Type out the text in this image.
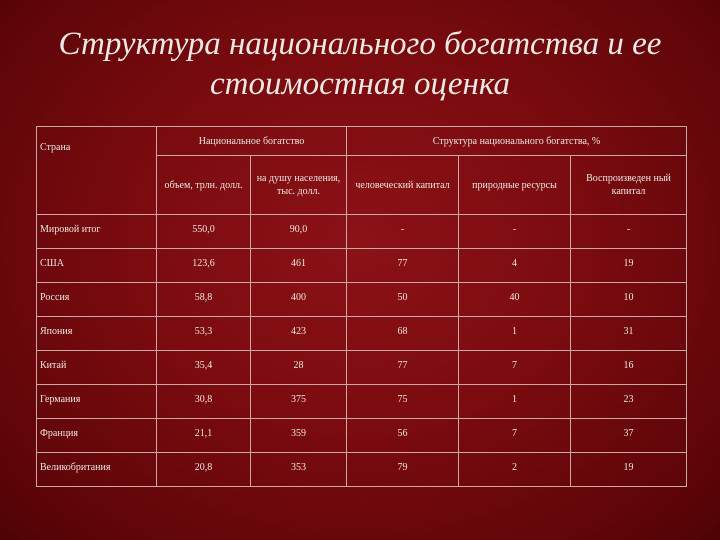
Структура национального богатства и ее
стоимостная оценка
Страна	Национальное богатство		Структура национального богатства, %		
	объем, трлн. долл.	на душу населения, тыс. долл.	человеческий капитал	природные ресурсы	Воспроизведен ный капитал
Мировой итог	550,0	90,0	-	-	-
США	123,6	461	77	4	19
Россия	58,8	400	50	40	10
Япония	53,3	423	68	1	31
Китай	35,4	28	77	7	16
Германия	30,8	375	75	1	23
Франция	21,1	359	56	7	37
Великобритания	20,8	353	79	2	19
